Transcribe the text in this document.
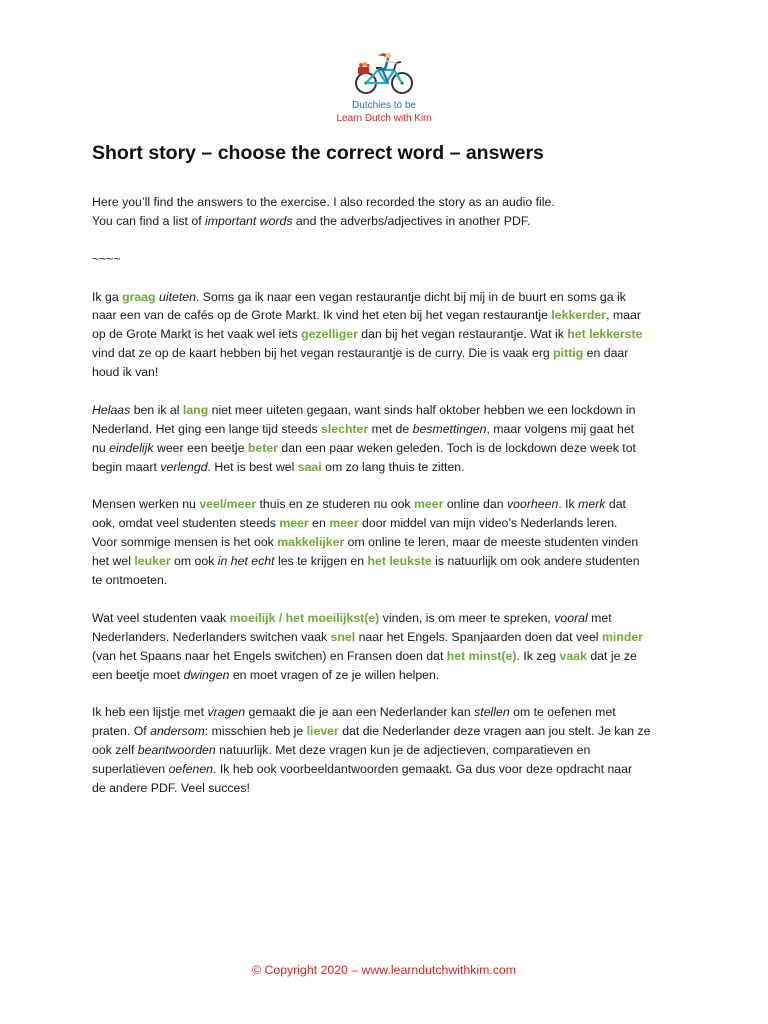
Dutchies to be
Learn Dutch with Kim
Short story – choose the correct word – answers

Here you’ll find the answers to the exercise. I also recorded the story as an audio file.
You can find a list of important words and the adverbs/adjectives in another PDF.

~~~~

Ik ga graag uiteten. Soms ga ik naar een vegan restaurantje dicht bij mij in de buurt en soms ga ik
naar een van de cafés op de Grote Markt. Ik vind het eten bij het vegan restaurantje lekkerder, maar
op de Grote Markt is het vaak wel iets gezelliger dan bij het vegan restaurantje. Wat ik het lekkerste
vind dat ze op de kaart hebben bij het vegan restaurantje is de curry. Die is vaak erg pittig en daar
houd ik van!

Helaas ben ik al lang niet meer uiteten gegaan, want sinds half oktober hebben we een lockdown in
Nederland. Het ging een lange tijd steeds slechter met de besmettingen, maar volgens mij gaat het
nu eindelijk weer een beetje beter dan een paar weken geleden. Toch is de lockdown deze week tot
begin maart verlengd. Het is best wel saai om zo lang thuis te zitten.

Mensen werken nu veel/meer thuis en ze studeren nu ook meer online dan voorheen. Ik merk dat
ook, omdat veel studenten steeds meer en meer door middel van mijn video’s Nederlands leren.
Voor sommige mensen is het ook makkelijker om online te leren, maar de meeste studenten vinden
het wel leuker om ook in het echt les te krijgen en het leukste is natuurlijk om ook andere studenten
te ontmoeten.

Wat veel studenten vaak moeilijk / het moeilijkst(e) vinden, is om meer te spreken, vooral met
Nederlanders. Nederlanders switchen vaak snel naar het Engels. Spanjaarden doen dat veel minder
(van het Spaans naar het Engels switchen) en Fransen doen dat het minst(e). Ik zeg vaak dat je ze
een beetje moet dwingen en moet vragen of ze je willen helpen.

Ik heb een lijstje met vragen gemaakt die je aan een Nederlander kan stellen om te oefenen met
praten. Of andersom: misschien heb je liever dat die Nederlander deze vragen aan jou stelt. Je kan ze
ook zelf beantwoorden natuurlijk. Met deze vragen kun je de adjectieven, comparatieven en
superlatieven oefenen. Ik heb ook voorbeeldantwoorden gemaakt. Ga dus voor deze opdracht naar
de andere PDF. Veel succes!

© Copyright 2020 – www.learndutchwithkim.com
